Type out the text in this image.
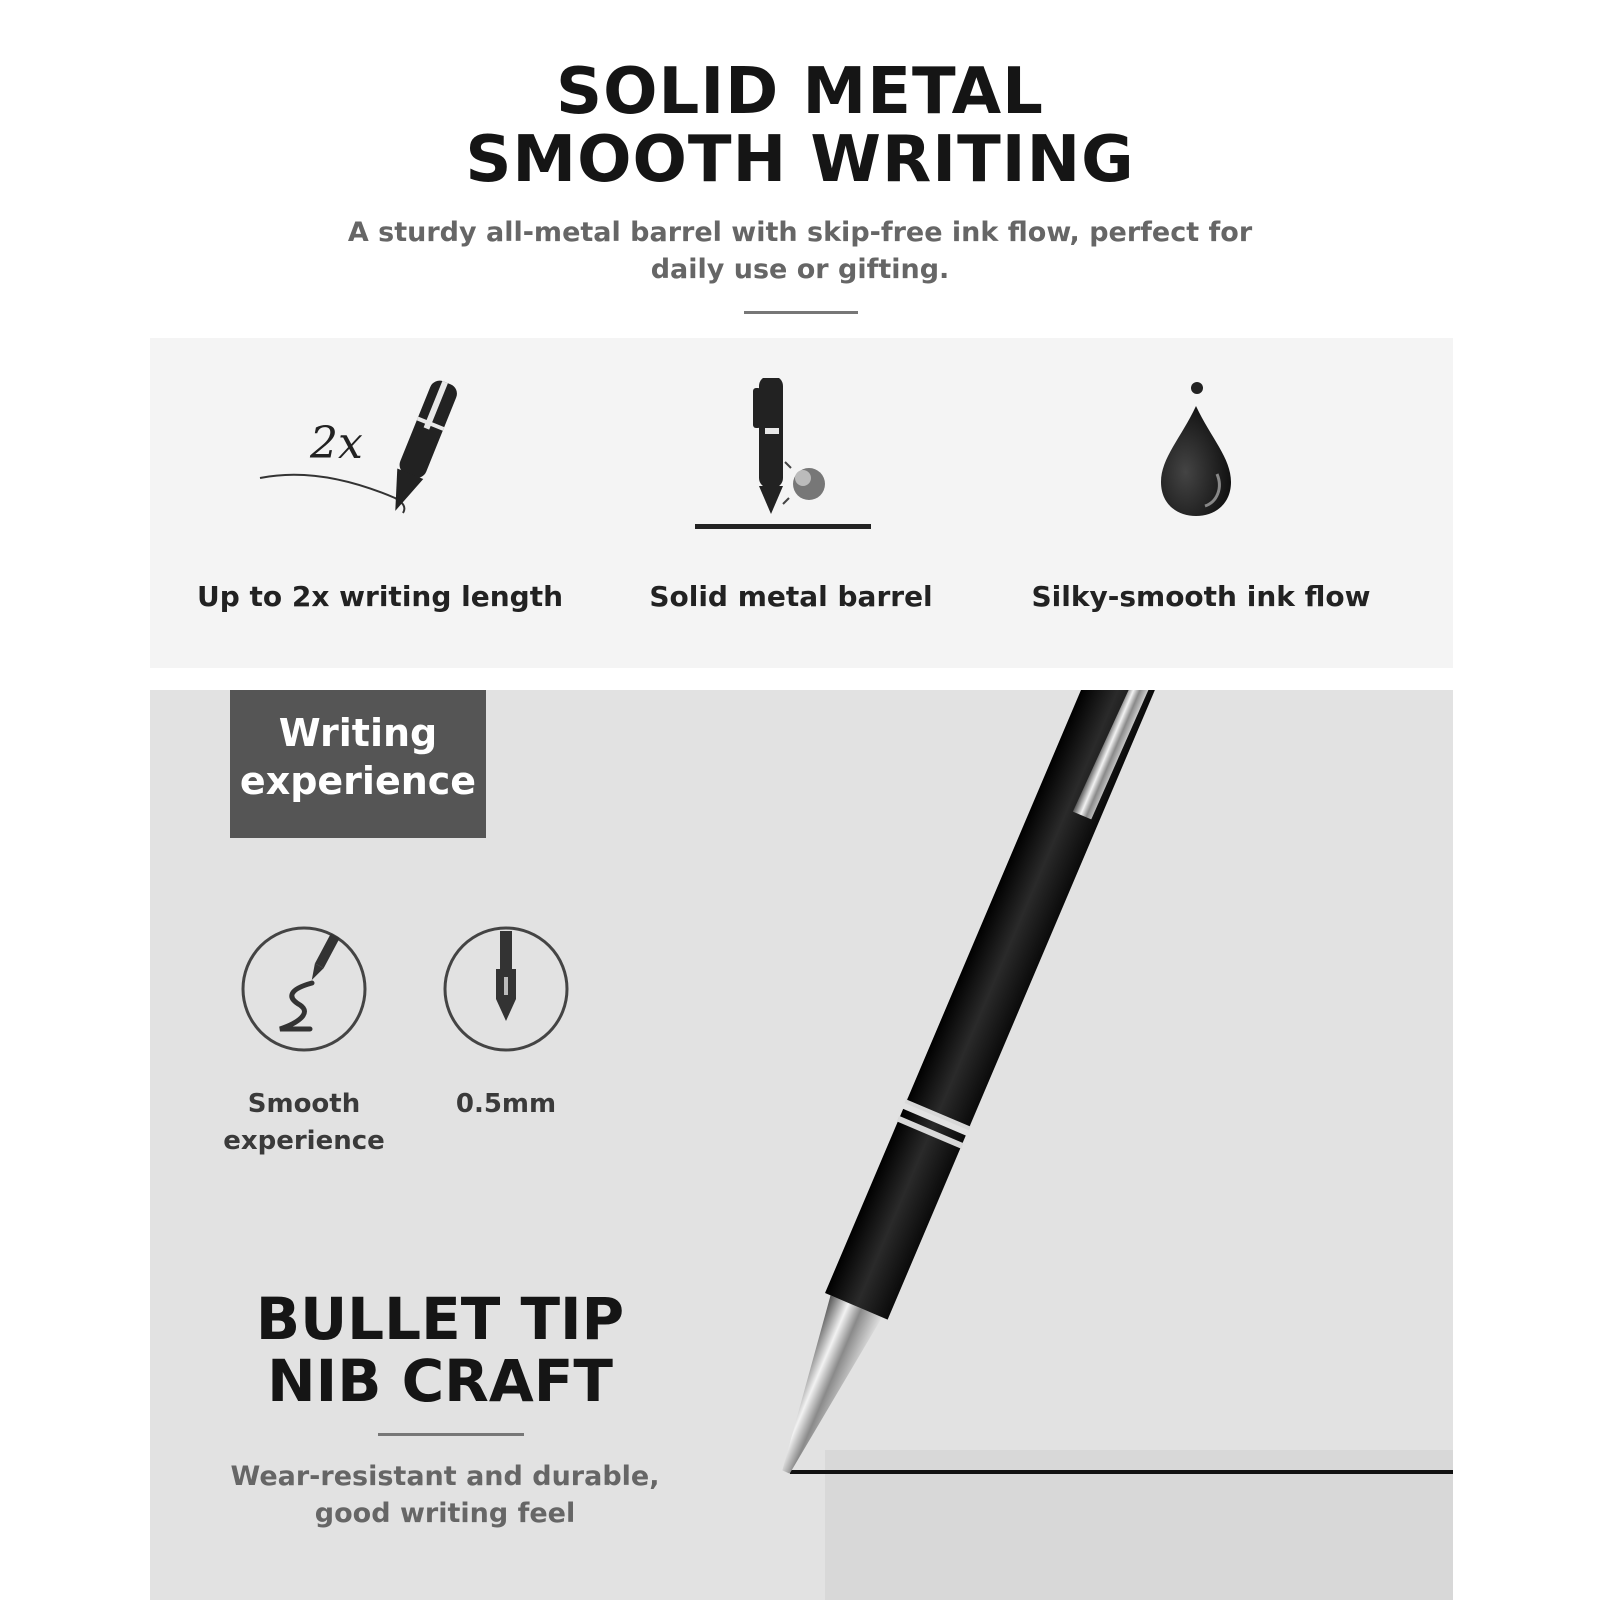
SOLID METAL
SMOOTH WRITING
A sturdy all-metal barrel with skip-free ink flow, perfect for
daily use or gifting.
2x
Up to 2x writing length	Solid metal barrel	Silky-smooth ink flow
Writing
experience
Smooth
experience
0.5mm
BULLET TIP
NIB CRAFT
Wear-resistant and durable,
good writing feel
